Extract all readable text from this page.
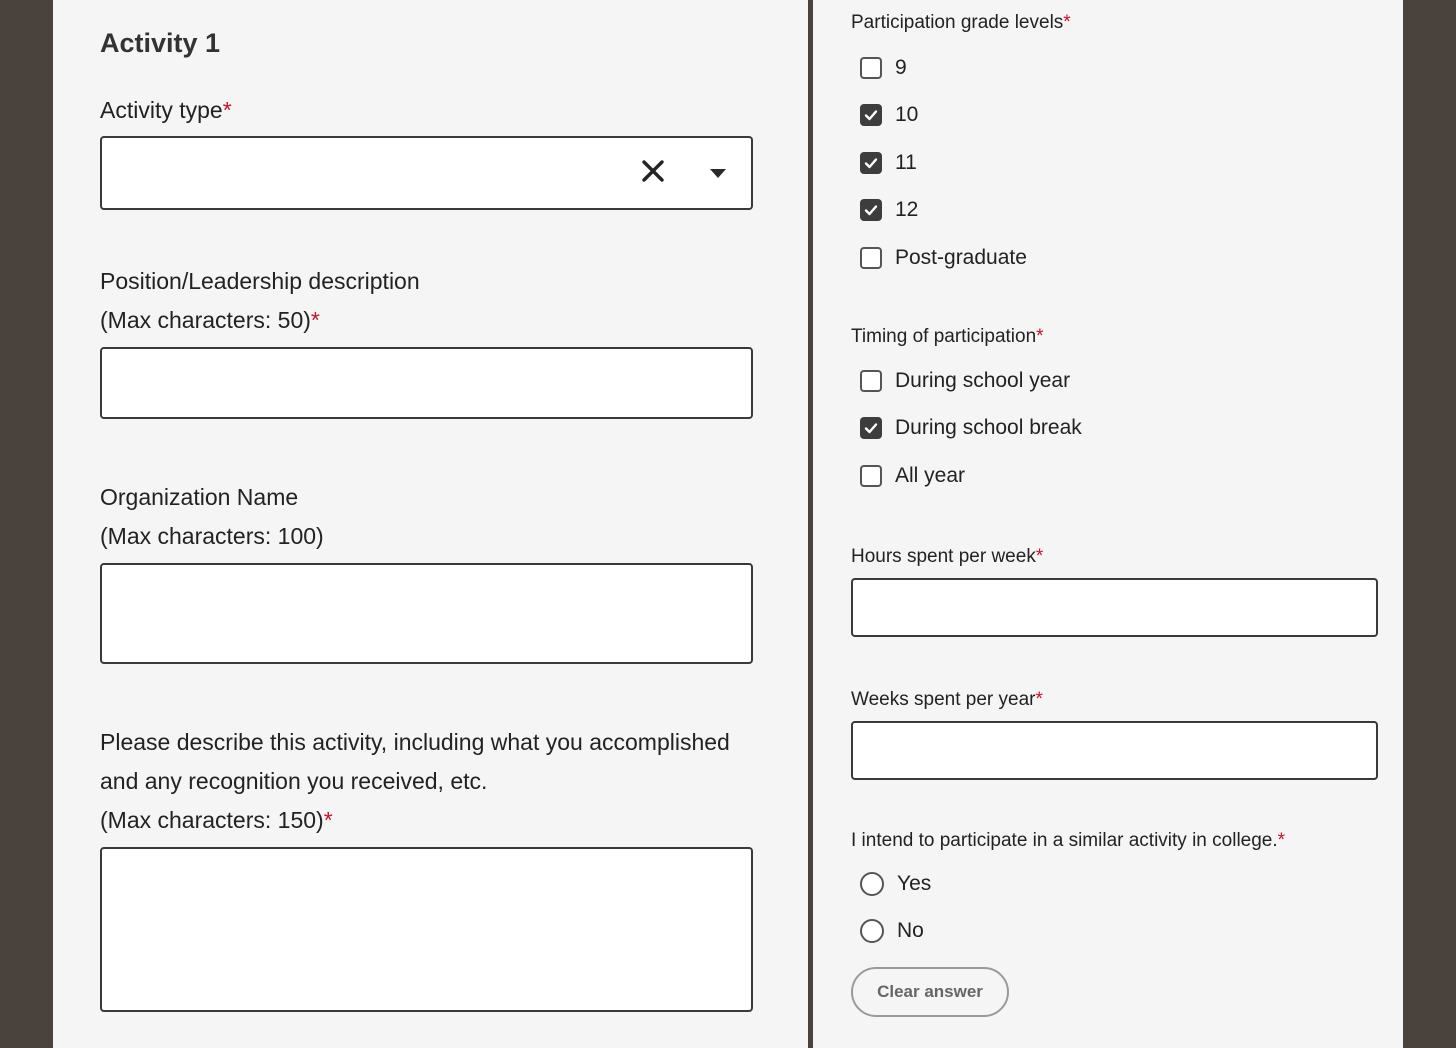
Activity 1
Activity type*
Position/Leadership description
(Max characters: 50)*
Organization Name
(Max characters: 100)
Please describe this activity, including what you accomplished
and any recognition you received, etc.
(Max characters: 150)*
Participation grade levels*
9
10
11
12
Post-graduate
Timing of participation*
During school year
During school break
All year
Hours spent per week*
Weeks spent per year*
I intend to participate in a similar activity in college.*
Yes
No
Clear answer
